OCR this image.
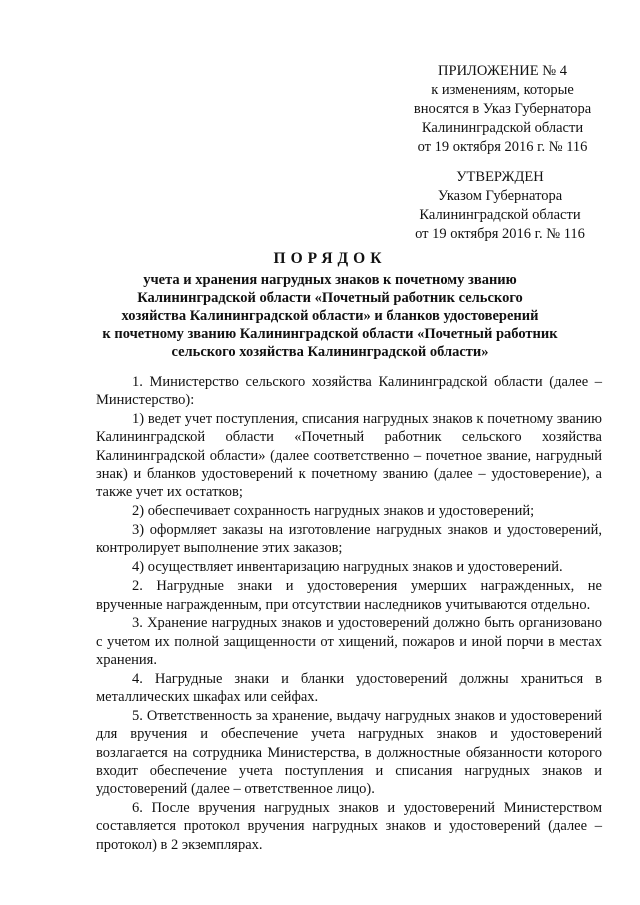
ПРИЛОЖЕНИЕ № 4
к изменениям, которые
вносятся в Указ Губернатора
Калининградской области
от 19 октября 2016 г. № 116
УТВЕРЖДЕН
Указом Губернатора
Калининградской области
от 19 октября 2016 г. № 116
ПОРЯДОК
учета и хранения нагрудных знаков к почетному званию
Калининградской области «Почетный работник сельского
хозяйства Калининградской области» и бланков удостоверений
к почетному званию Калининградской области «Почетный работник
сельского хозяйства Калининградской области»

1. Министерство сельского хозяйства Калининградской области (далее – Министерство):

1) ведет учет поступления, списания нагрудных знаков к почетному званию Калининградской области «Почетный работник сельского хозяйства Калининградской области» (далее соответственно – почетное звание, нагрудный знак) и бланков удостоверений к почетному званию (далее – удостоверение), а также учет их остатков;

2) обеспечивает сохранность нагрудных знаков и удостоверений;

3) оформляет заказы на изготовление нагрудных знаков и удостоверений, контролирует выполнение этих заказов;

4) осуществляет инвентаризацию нагрудных знаков и удостоверений.

2. Нагрудные знаки и удостоверения умерших награжденных, не врученные награжденным, при отсутствии наследников учитываются отдельно.

3. Хранение нагрудных знаков и удостоверений должно быть организовано с учетом их полной защищенности от хищений, пожаров и иной порчи в местах хранения.

4. Нагрудные знаки и бланки удостоверений должны храниться в металлических шкафах или сейфах.

5. Ответственность за хранение, выдачу нагрудных знаков и удостоверений для вручения и обеспечение учета нагрудных знаков и удостоверений возлагается на сотрудника Министерства, в должностные обязанности которого входит обеспечение учета поступления и списания нагрудных знаков и удостоверений (далее – ответственное лицо).

6. После вручения нагрудных знаков и удостоверений Министерством составляется протокол вручения нагрудных знаков и удостоверений (далее – протокол) в 2 экземплярах.
